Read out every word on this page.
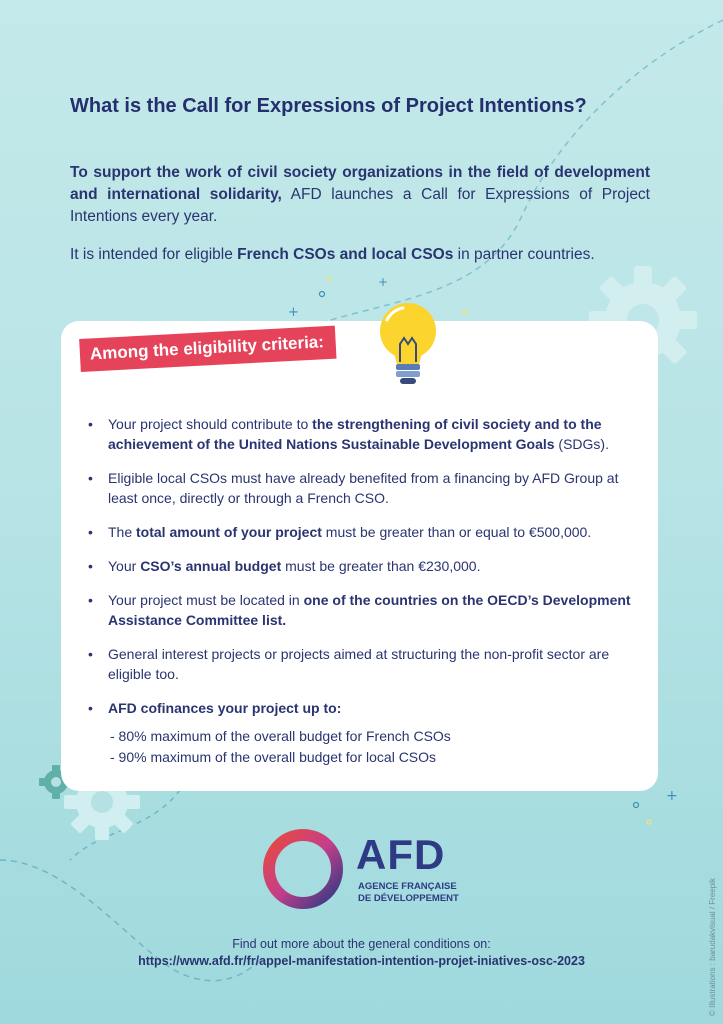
+
+
+
+
What is the Call for Expressions of Project Intentions?

To support the work of civil society organizations in the field of development and international solidarity, AFD launches a Call for Expressions of Project Intentions every year.

It is intended for eligible French CSOs and local CSOs in partner countries.

Among the eligibility criteria:
• Your project should contribute to the strengthening of civil society and to the achievement of the United Nations Sustainable Development Goals (SDGs).
• Eligible local CSOs must have already benefited from a financing by AFD Group at least once, directly or through a French CSO.
• The total amount of your project must be greater than or equal to €500,000.
• Your CSO’s annual budget must be greater than €230,000.
• Your project must be located in one of the countries on the OECD’s Development Assistance Committee list.
• General interest projects or projects aimed at structuring the non-profit sector are eligible too.
• AFD cofinances your project up to:
- 80% maximum of the overall budget for French CSOs
- 90% maximum of the overall budget for local CSOs
AFD
AGENCE FRANÇAISE
DE DÉVELOPPEMENT
Find out more about the general conditions on:
https://www.afd.fr/fr/appel-manifestation-intention-projet-iniatives-osc-2023	© Illustrations : barudakvisual / Freepik
